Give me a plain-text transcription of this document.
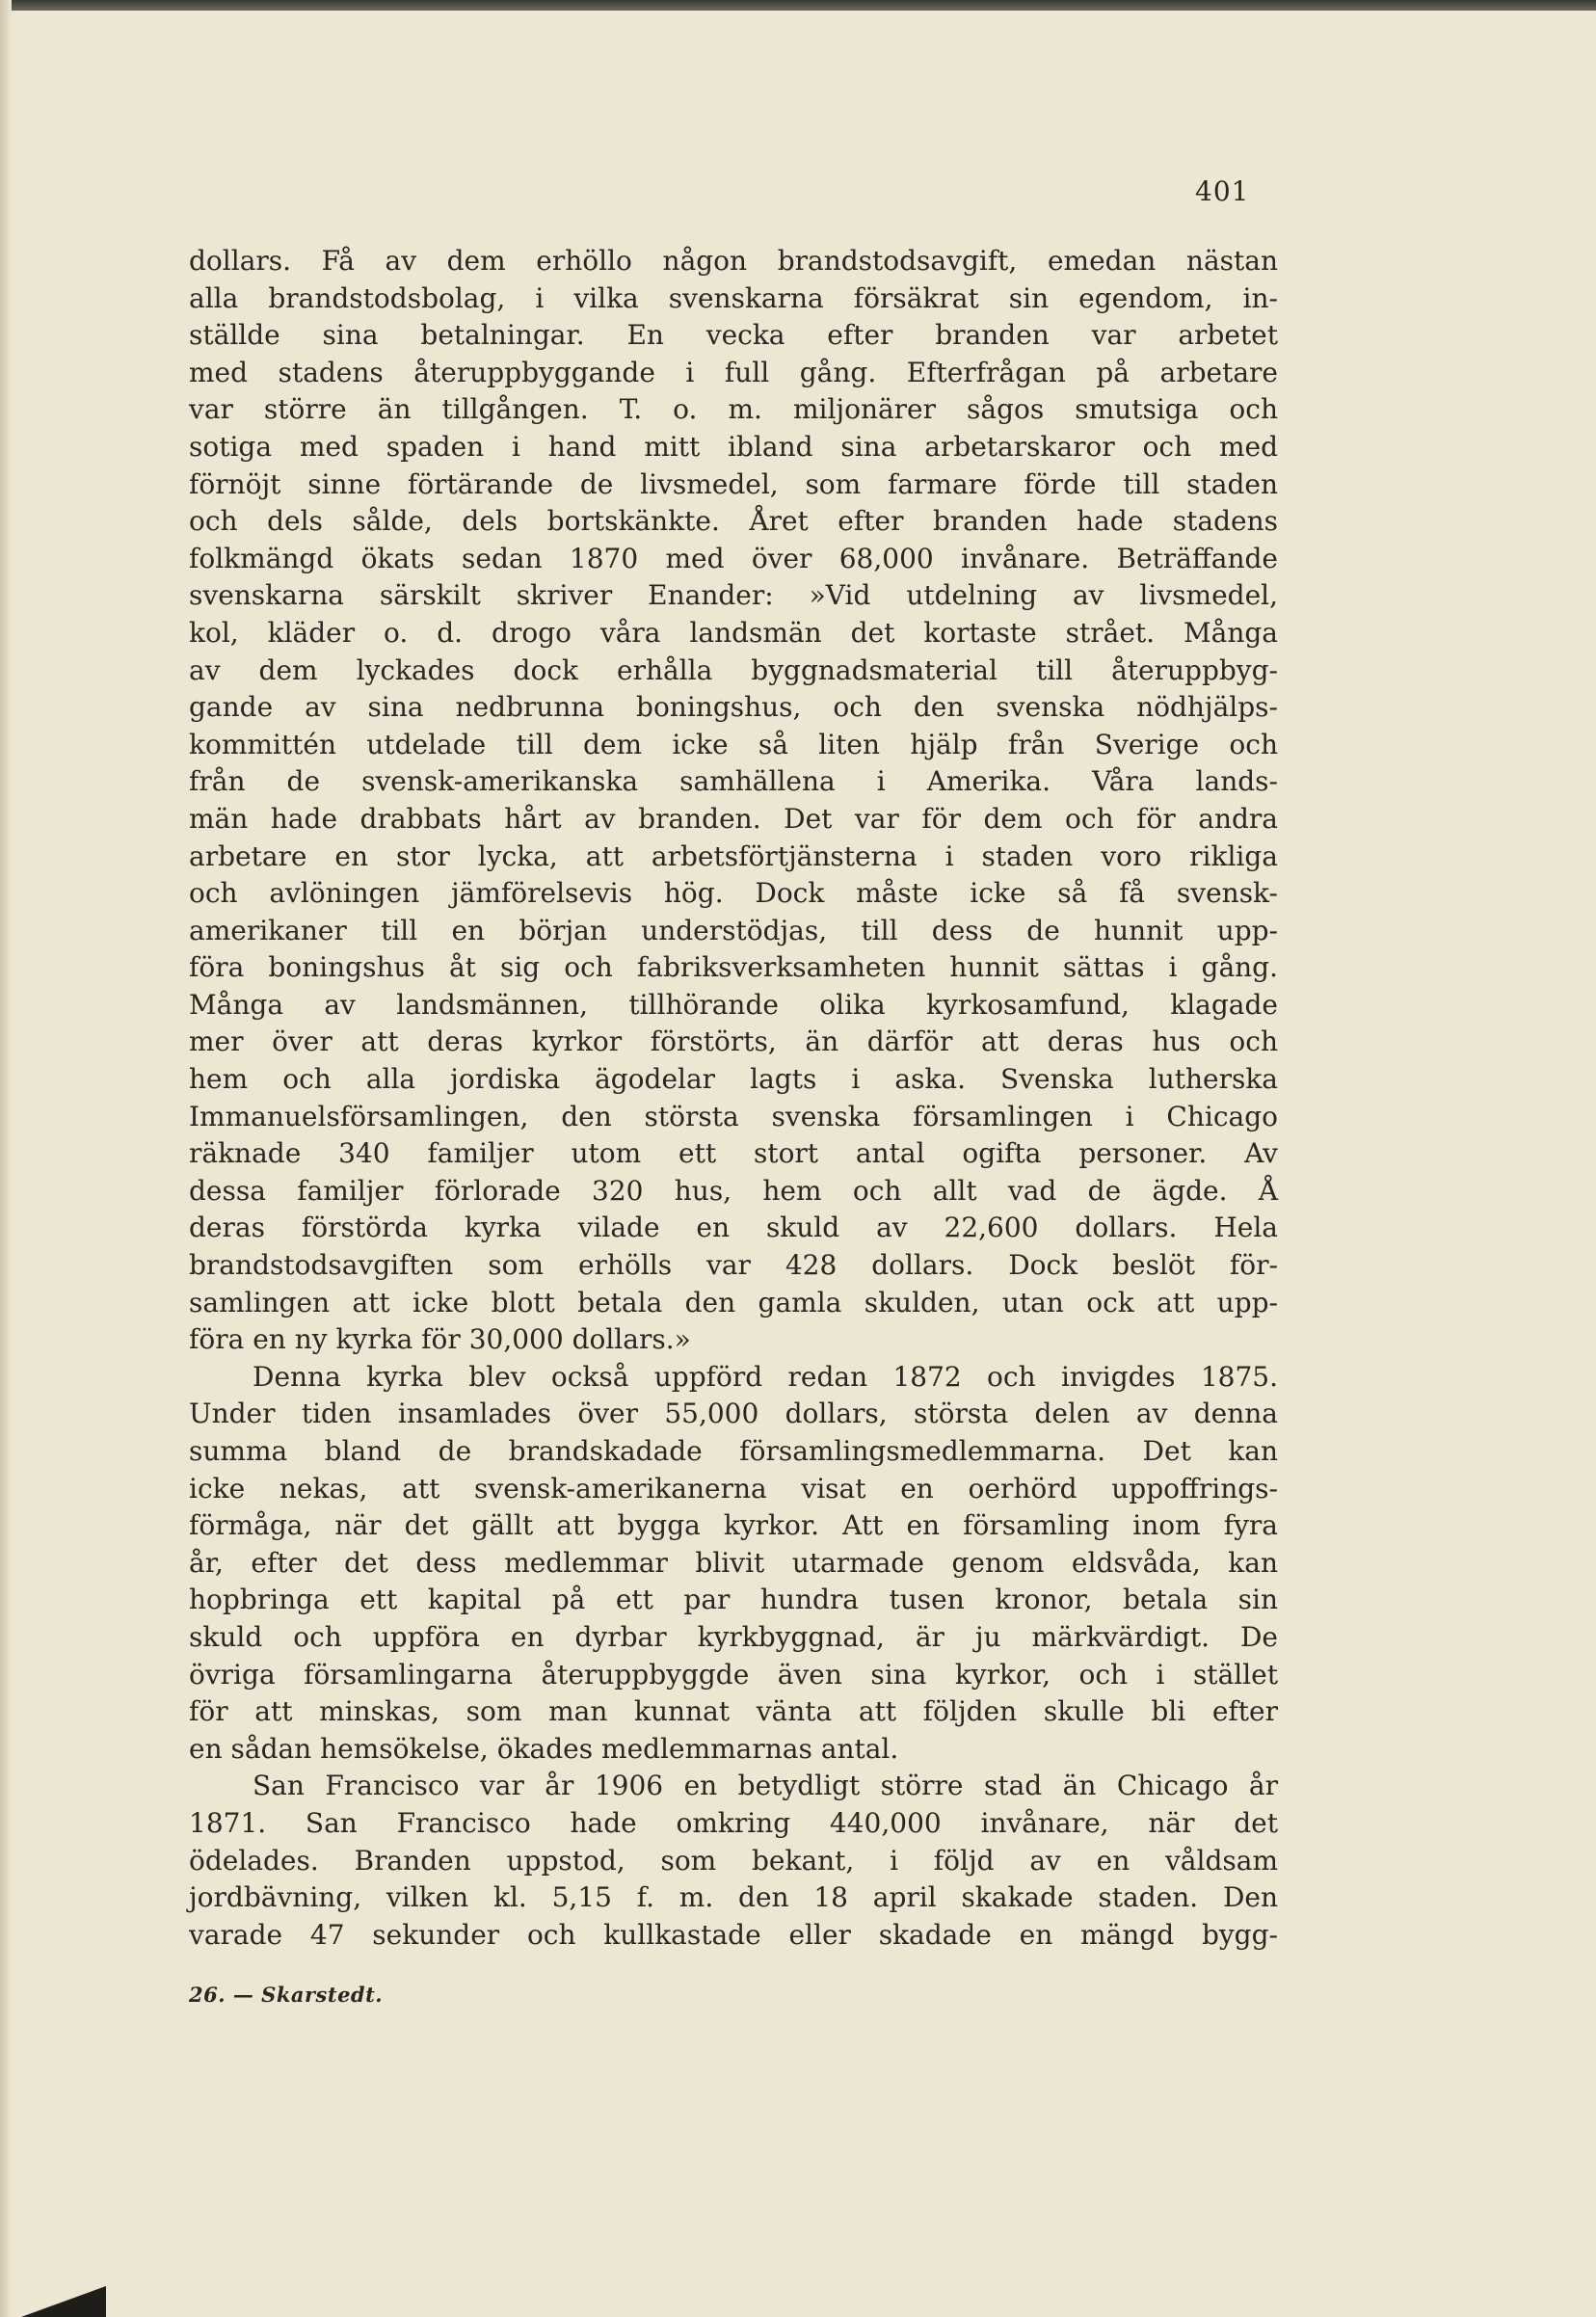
401
dollars. Få av dem erhöllo någon brandstodsavgift, emedan nästan
alla brandstodsbolag, i vilka svenskarna försäkrat sin egendom, in-
ställde sina betalningar. En vecka efter branden var arbetet
med stadens återuppbyggande i full gång. Efterfrågan på arbetare
var större än tillgången. T. o. m. miljonärer sågos smutsiga och
sotiga med spaden i hand mitt ibland sina arbetarskaror och med
förnöjt sinne förtärande de livsmedel, som farmare förde till staden
och dels sålde, dels bortskänkte. Året efter branden hade stadens
folkmängd ökats sedan 1870 med över 68,000 invånare. Beträffande
svenskarna särskilt skriver Enander: »Vid utdelning av livsmedel,
kol, kläder o. d. drogo våra landsmän det kortaste strået. Många
av dem lyckades dock erhålla byggnadsmaterial till återuppbyg-
gande av sina nedbrunna boningshus, och den svenska nödhjälps-
kommittén utdelade till dem icke så liten hjälp från Sverige och
från de svensk-amerikanska samhällena i Amerika. Våra lands-
män hade drabbats hårt av branden. Det var för dem och för andra
arbetare en stor lycka, att arbetsförtjänsterna i staden voro rikliga
och avlöningen jämförelsevis hög. Dock måste icke så få svensk-
amerikaner till en början understödjas, till dess de hunnit upp-
föra boningshus åt sig och fabriksverksamheten hunnit sättas i gång.
Många av landsmännen, tillhörande olika kyrkosamfund, klagade
mer över att deras kyrkor förstörts, än därför att deras hus och
hem och alla jordiska ägodelar lagts i aska. Svenska lutherska
Immanuelsförsamlingen, den största svenska församlingen i Chicago
räknade 340 familjer utom ett stort antal ogifta personer. Av
dessa familjer förlorade 320 hus, hem och allt vad de ägde. Å
deras förstörda kyrka vilade en skuld av 22,600 dollars. Hela
brandstodsavgiften som erhölls var 428 dollars. Dock beslöt för-
samlingen att icke blott betala den gamla skulden, utan ock att upp-
föra en ny kyrka för 30,000 dollars.»
Denna kyrka blev också uppförd redan 1872 och invigdes 1875.
Under tiden insamlades över 55,000 dollars, största delen av denna
summa bland de brandskadade församlingsmedlemmarna. Det kan
icke nekas, att svensk-amerikanerna visat en oerhörd uppoffrings-
förmåga, när det gällt att bygga kyrkor. Att en församling inom fyra
år, efter det dess medlemmar blivit utarmade genom eldsvåda, kan
hopbringa ett kapital på ett par hundra tusen kronor, betala sin
skuld och uppföra en dyrbar kyrkbyggnad, är ju märkvärdigt. De
övriga församlingarna återuppbyggde även sina kyrkor, och i stället
för att minskas, som man kunnat vänta att följden skulle bli efter
en sådan hemsökelse, ökades medlemmarnas antal.
San Francisco var år 1906 en betydligt större stad än Chicago år
1871. San Francisco hade omkring 440,000 invånare, när det
ödelades. Branden uppstod, som bekant, i följd av en våldsam
jordbävning, vilken kl. 5,15 f. m. den 18 april skakade staden. Den
varade 47 sekunder och kullkastade eller skadade en mängd bygg-
26. — Skarstedt.
